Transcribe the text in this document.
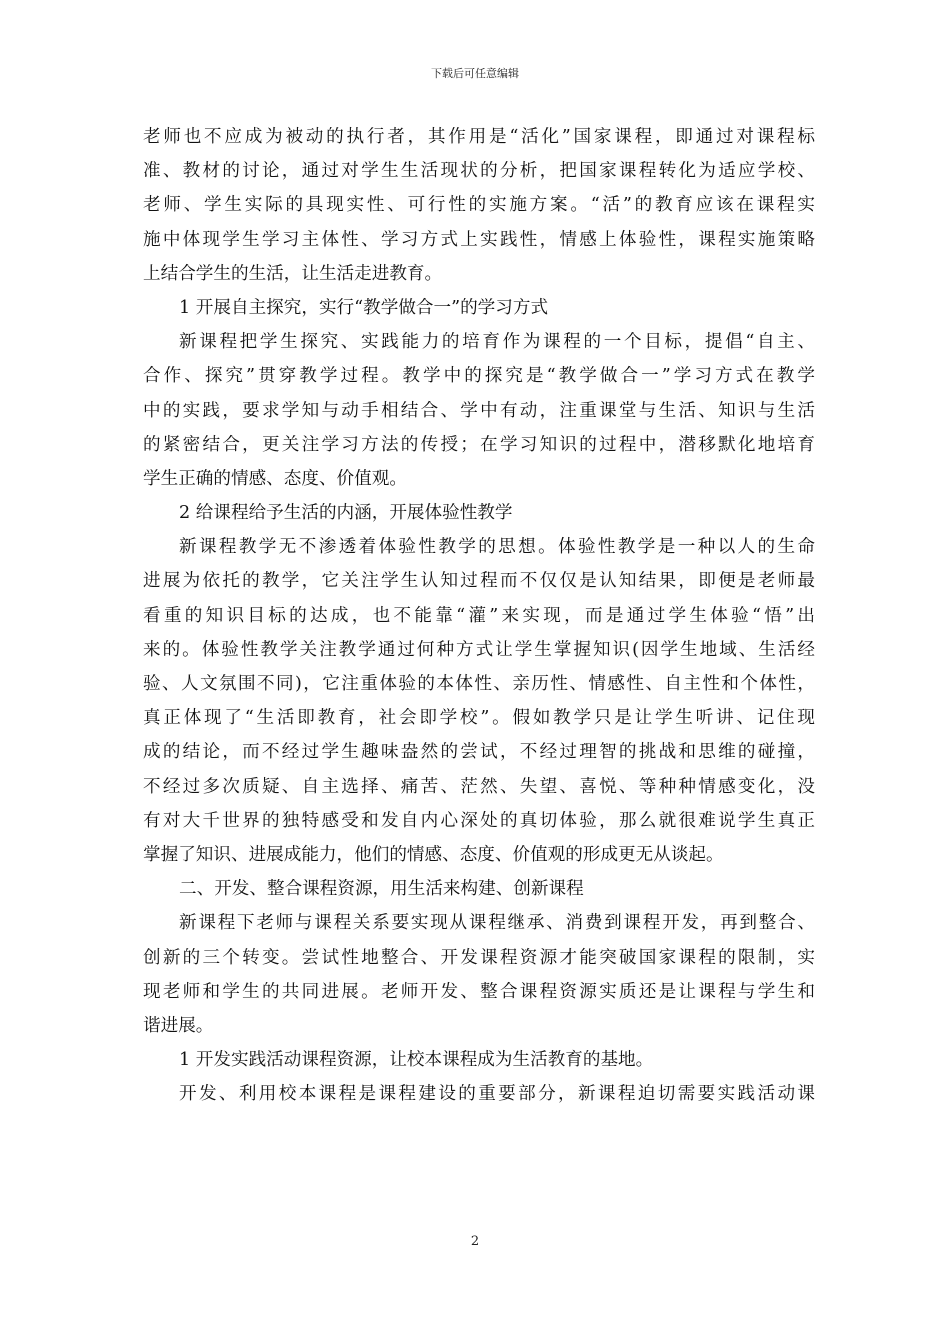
下载后可任意编辑
老师也不应成为被动的执行者，其作用是“活化”国家课程，即通过对课程标
准、教材的讨论，通过对学生生活现状的分析，把国家课程转化为适应学校、
老师、学生实际的具现实性、可行性的实施方案。“活”的教育应该在课程实
施中体现学生学习主体性、学习方式上实践性，情感上体验性，课程实施策略
上结合学生的生活，让生活走进教育。
1 开展自主探究，实行“教学做合一”的学习方式
新课程把学生探究、实践能力的培育作为课程的一个目标，提倡“自主、
合作、探究”贯穿教学过程。教学中的探究是“教学做合一”学习方式在教学
中的实践，要求学知与动手相结合、学中有动，注重课堂与生活、知识与生活
的紧密结合，更关注学习方法的传授；在学习知识的过程中，潜移默化地培育
学生正确的情感、态度、价值观。
2 给课程给予生活的内涵，开展体验性教学
新课程教学无不渗透着体验性教学的思想。体验性教学是一种以人的生命
进展为依托的教学，它关注学生认知过程而不仅仅是认知结果，即便是老师最
看重的知识目标的达成，也不能靠“灌”来实现，而是通过学生体验“悟”出
来的。体验性教学关注教学通过何种方式让学生掌握知识(因学生地域、生活经
验、人文氛围不同)，它注重体验的本体性、亲历性、情感性、自主性和个体性，
真正体现了“生活即教育，社会即学校”。假如教学只是让学生听讲、记住现
成的结论，而不经过学生趣味盎然的尝试，不经过理智的挑战和思维的碰撞，
不经过多次质疑、自主选择、痛苦、茫然、失望、喜悦、等种种情感变化，没
有对大千世界的独特感受和发自内心深处的真切体验，那么就很难说学生真正
掌握了知识、进展成能力，他们的情感、态度、价值观的形成更无从谈起。
二、开发、整合课程资源，用生活来构建、创新课程
新课程下老师与课程关系要实现从课程继承、消费到课程开发，再到整合、
创新的三个转变。尝试性地整合、开发课程资源才能突破国家课程的限制，实
现老师和学生的共同进展。老师开发、整合课程资源实质还是让课程与学生和
谐进展。
1 开发实践活动课程资源，让校本课程成为生活教育的基地。
开发、利用校本课程是课程建设的重要部分，新课程迫切需要实践活动课
2
